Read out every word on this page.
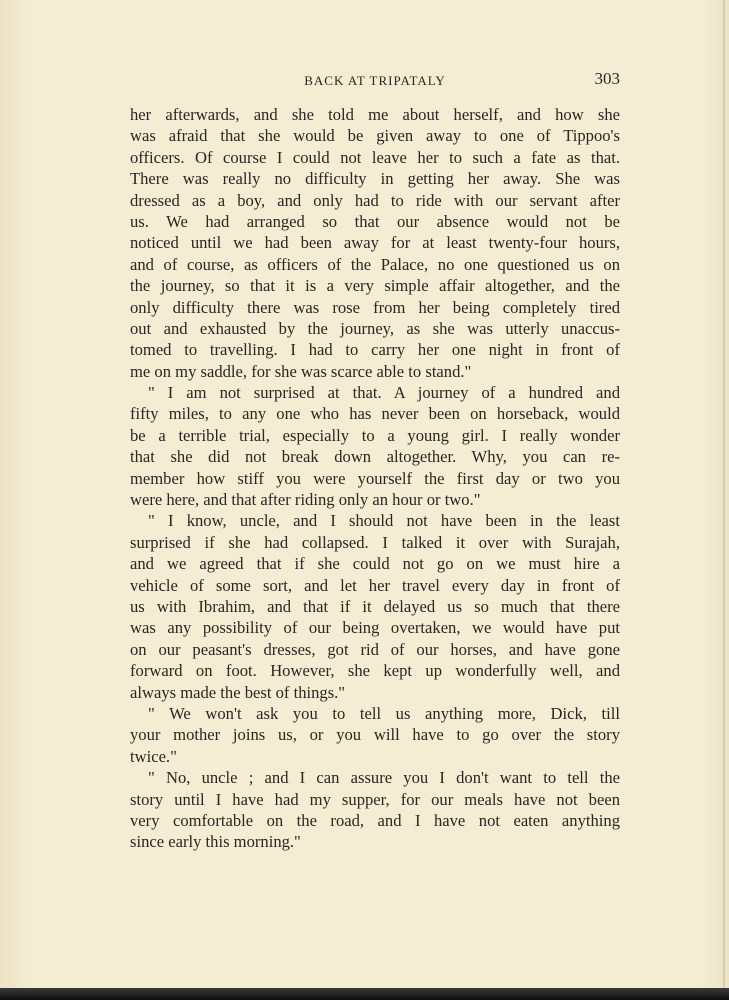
BACK AT TRIPATALY	303
her afterwards, and she told me about herself, and how she
was afraid that she would be given away to one of Tippoo's
officers. Of course I could not leave her to such a fate as that.
There was really no difficulty in getting her away. She was
dressed as a boy, and only had to ride with our servant after
us. We had arranged so that our absence would not be
noticed until we had been away for at least twenty-four hours,
and of course, as officers of the Palace, no one questioned us on
the journey, so that it is a very simple affair altogether, and the
only difficulty there was rose from her being completely tired
out and exhausted by the journey, as she was utterly unaccus-
tomed to travelling. I had to carry her one night in front of
me on my saddle, for she was scarce able to stand."
" I am not surprised at that. A journey of a hundred and
fifty miles, to any one who has never been on horseback, would
be a terrible trial, especially to a young girl. I really wonder
that she did not break down altogether. Why, you can re-
member how stiff you were yourself the first day or two you
were here, and that after riding only an hour or two."
" I know, uncle, and I should not have been in the least
surprised if she had collapsed. I talked it over with Surajah,
and we agreed that if she could not go on we must hire a
vehicle of some sort, and let her travel every day in front of
us with Ibrahim, and that if it delayed us so much that there
was any possibility of our being overtaken, we would have put
on our peasant's dresses, got rid of our horses, and have gone
forward on foot. However, she kept up wonderfully well, and
always made the best of things."
" We won't ask you to tell us anything more, Dick, till
your mother joins us, or you will have to go over the story
twice."
" No, uncle ; and I can assure you I don't want to tell the
story until I have had my supper, for our meals have not been
very comfortable on the road, and I have not eaten anything
since early this morning."
